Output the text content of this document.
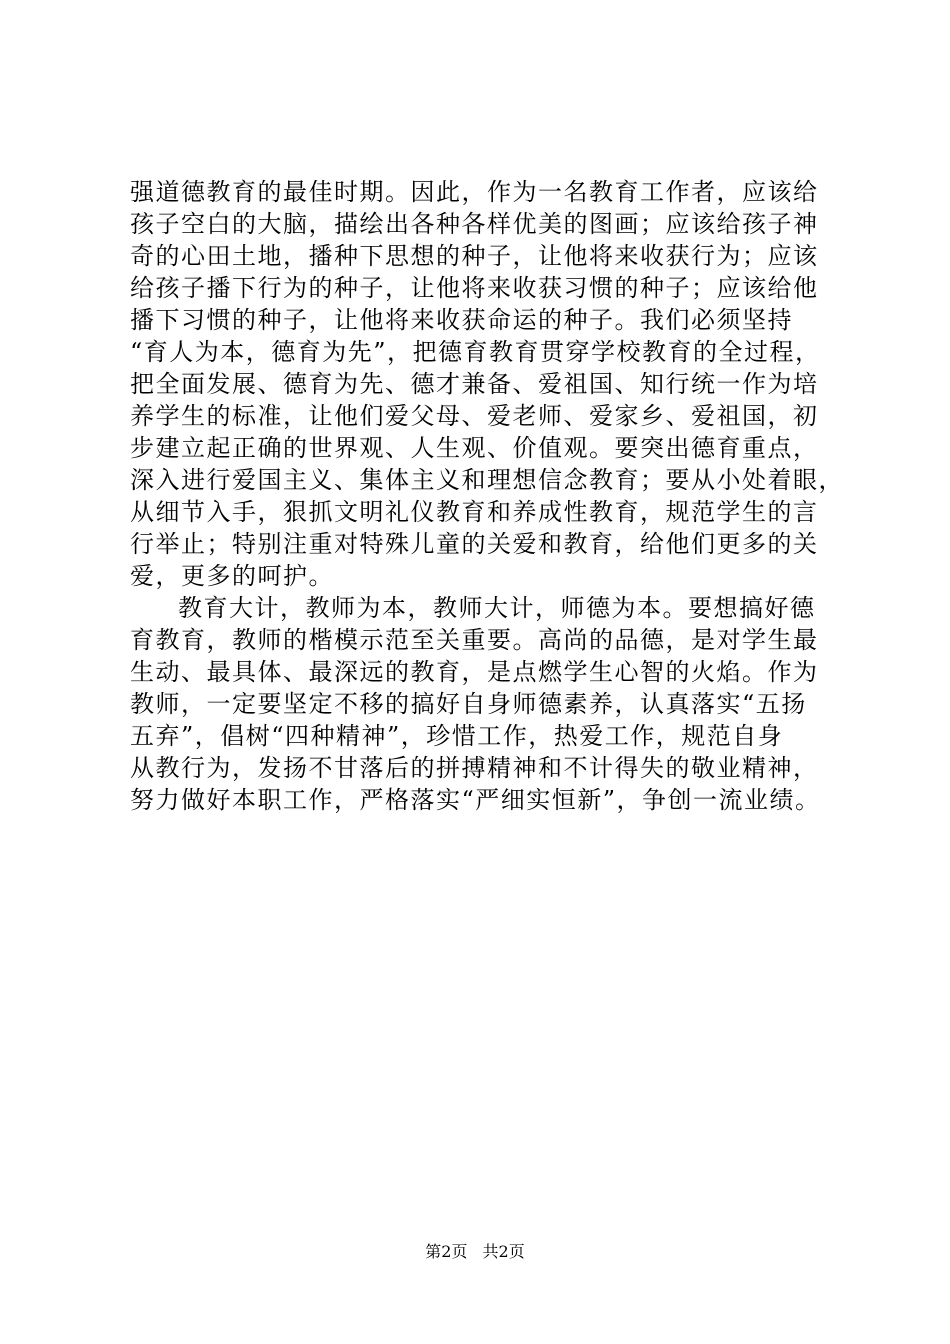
强道德教育的最佳时期。因此，作为一名教育工作者，应该给
孩子空白的大脑，描绘出各种各样优美的图画；应该给孩子神
奇的心田土地，播种下思想的种子，让他将来收获行为；应该
给孩子播下行为的种子，让他将来收获习惯的种子；应该给他
播下习惯的种子，让他将来收获命运的种子。我们必须坚持
“育人为本，德育为先”，把德育教育贯穿学校教育的全过程，
把全面发展、德育为先、德才兼备、爱祖国、知行统一作为培
养学生的标准，让他们爱父母、爱老师、爱家乡、爱祖国，初
步建立起正确的世界观、人生观、价值观。要突出德育重点，
深入进行爱国主义、集体主义和理想信念教育；要从小处着眼，
从细节入手，狠抓文明礼仪教育和养成性教育，规范学生的言
行举止；特别注重对特殊儿童的关爱和教育，给他们更多的关
爱，更多的呵护。
教育大计，教师为本，教师大计，师德为本。要想搞好德
育教育，教师的楷模示范至关重要。高尚的品德，是对学生最
生动、最具体、最深远的教育，是点燃学生心智的火焰。作为
教师，一定要坚定不移的搞好自身师德素养，认真落实“五扬
五弃”，倡树“四种精神”，珍惜工作，热爱工作，规范自身
从教行为，发扬不甘落后的拼搏精神和不计得失的敬业精神，
努力做好本职工作，严格落实“严细实恒新”，争创一流业绩。
第2页 共2页
